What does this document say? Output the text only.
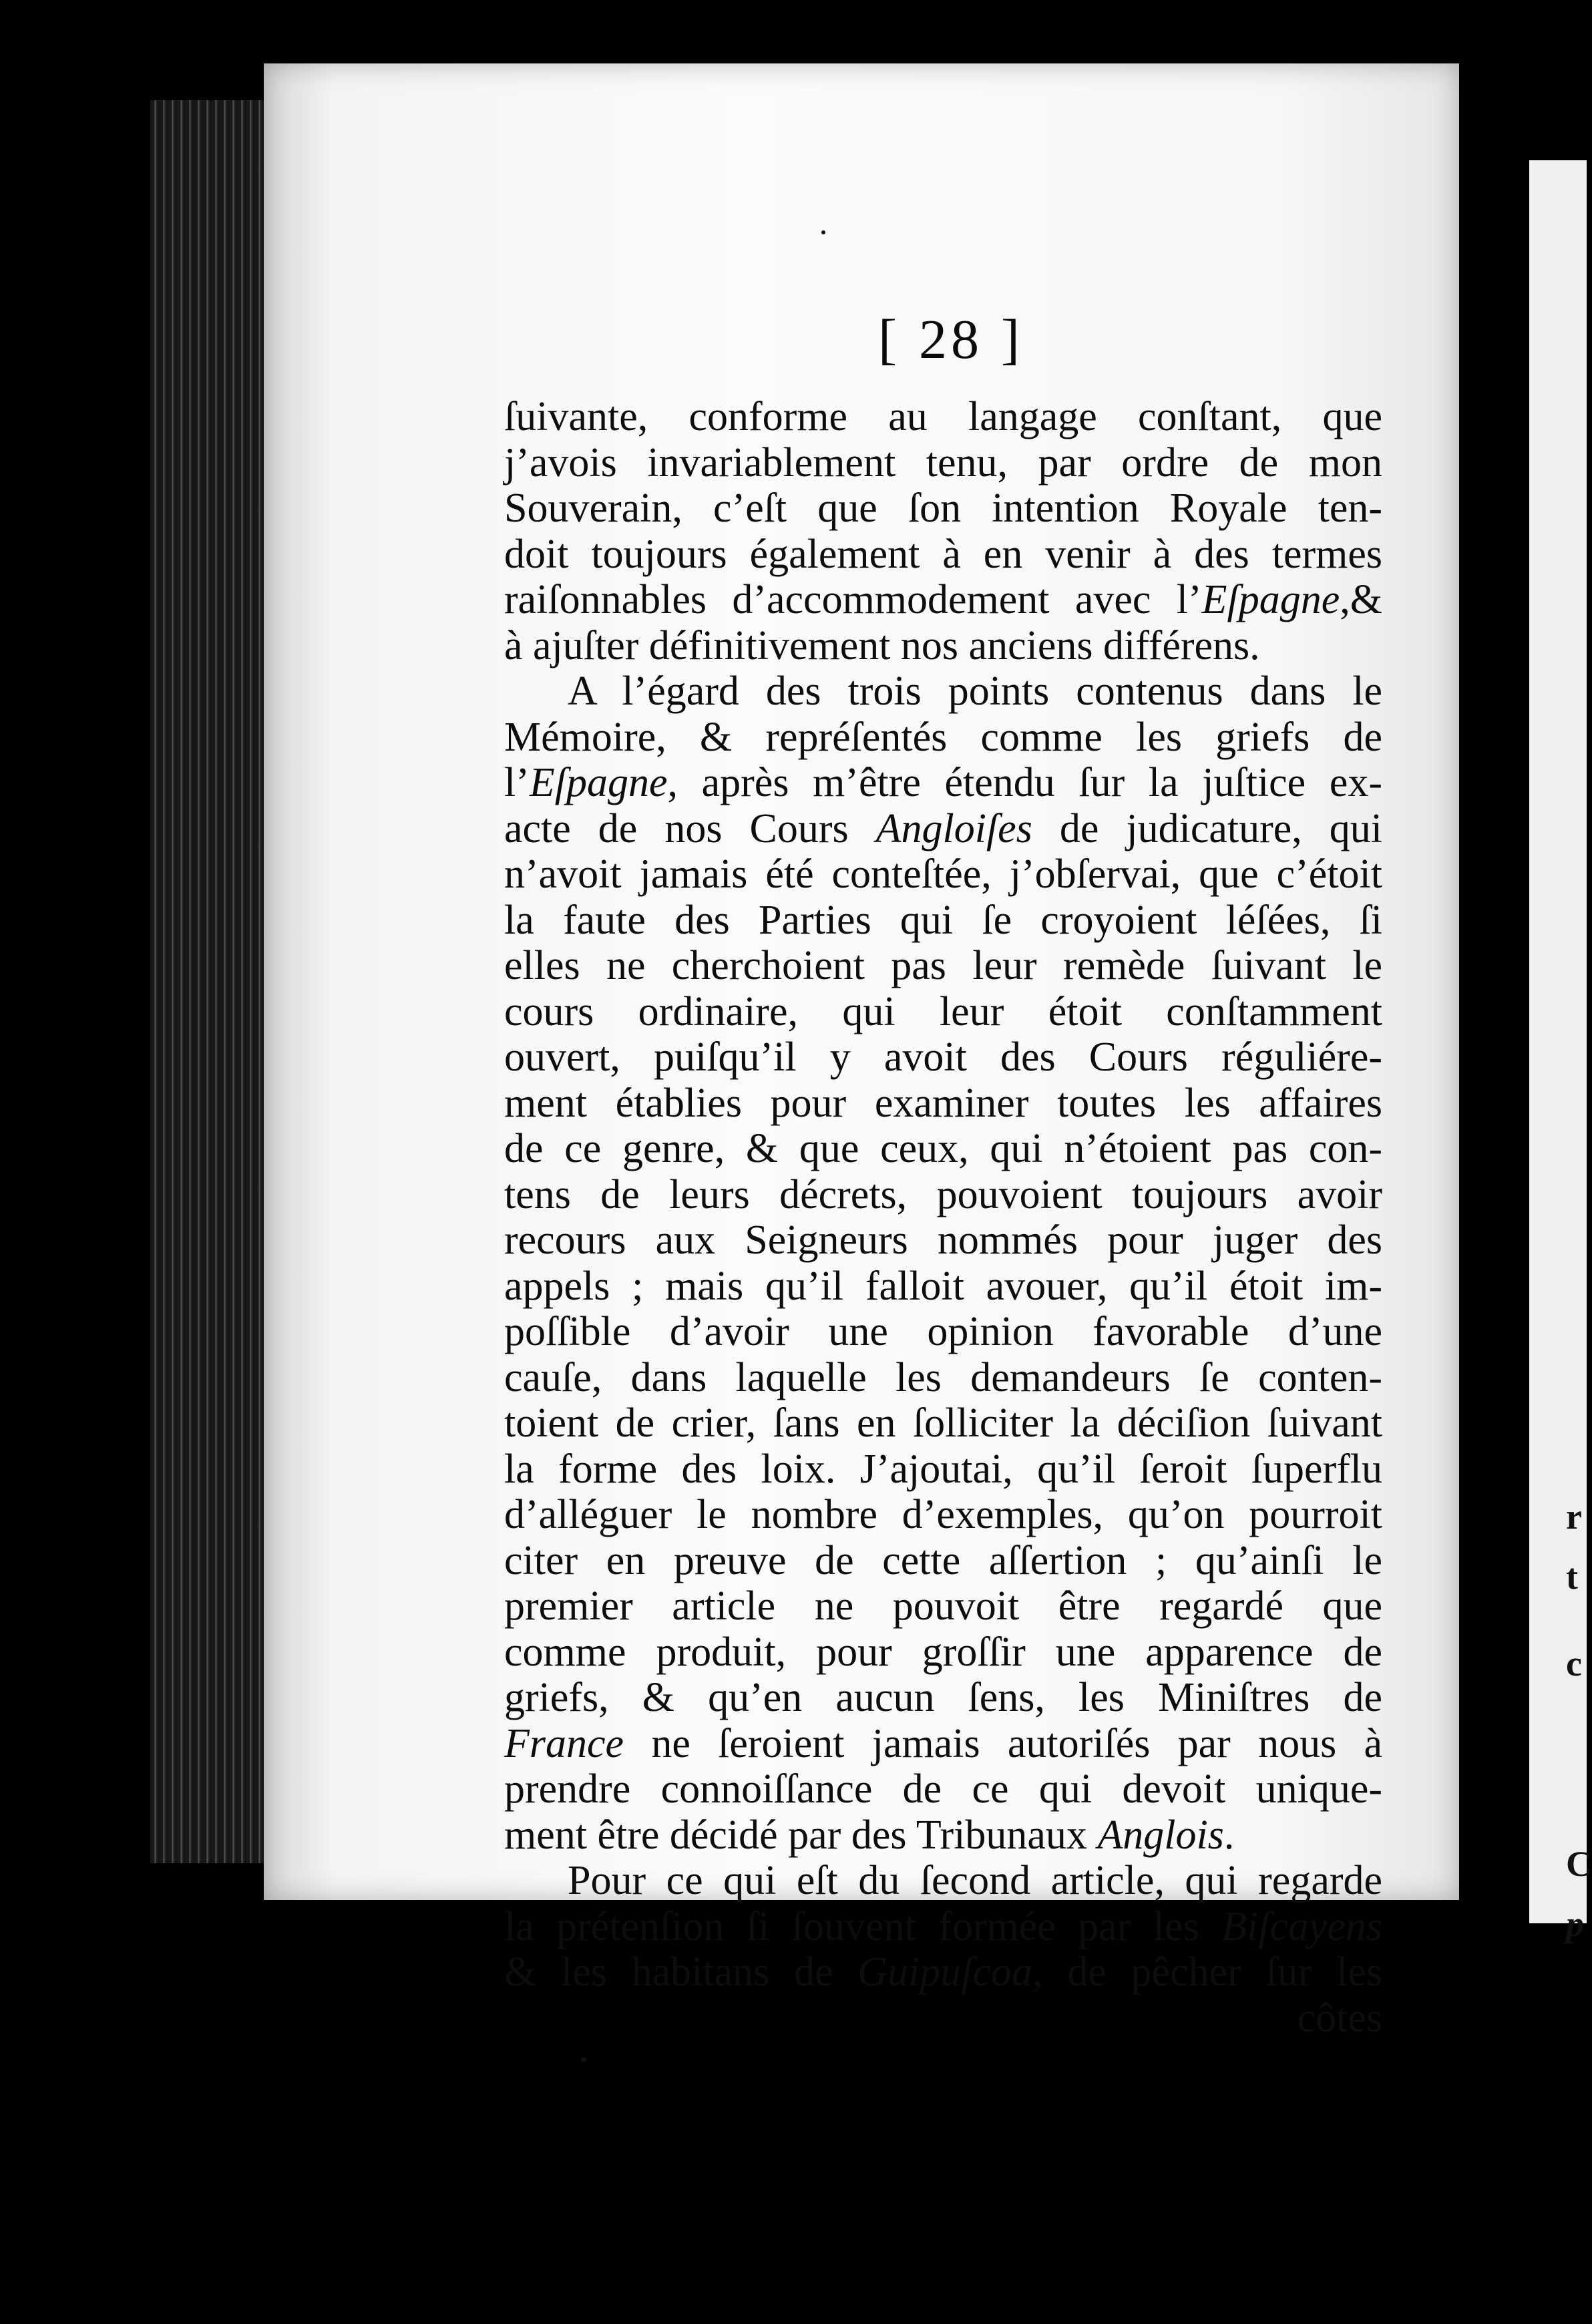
r
t
c
C
p
[ 28 ]
ſuivante, conforme au langage conſtant, que
j’avois invariablement tenu, par ordre de mon
Souverain, c’eſt que ſon intention Royale ten-
doit toujours également à en venir à des termes
raiſonnables d’accommodement avec l’Eſpagne,&
à ajuſter définitivement nos anciens différens.
A l’égard des trois points contenus dans le
Mémoire, & repréſentés comme les griefs de
l’Eſpagne, après m’être étendu ſur la juſtice ex-
acte de nos Cours Angloiſes de judicature, qui
n’avoit jamais été conteſtée, j’obſervai, que c’étoit
la faute des Parties qui ſe croyoient léſées, ſi
elles ne cherchoient pas leur remède ſuivant le
cours ordinaire, qui leur étoit conſtamment
ouvert, puiſqu’il y avoit des Cours réguliére-
ment établies pour examiner toutes les affaires
de ce genre, & que ceux, qui n’étoient pas con-
tens de leurs décrets, pouvoient toujours avoir
recours aux Seigneurs nommés pour juger des
appels ; mais qu’il falloit avouer, qu’il étoit im-
poſſible d’avoir une opinion favorable d’une
cauſe, dans laquelle les demandeurs ſe conten-
toient de crier, ſans en ſolliciter la déciſion ſuivant
la forme des loix. J’ajoutai, qu’il ſeroit ſuperflu
d’alléguer le nombre d’exemples, qu’on pourroit
citer en preuve de cette aſſertion ; qu’ainſi le
premier article ne pouvoit être regardé que
comme produit, pour groſſir une apparence de
griefs, & qu’en aucun ſens, les Miniſtres de
France ne ſeroient jamais autoriſés par nous à
prendre connoiſſance de ce qui devoit uniquе-
ment être décidé par des Tribunaux Anglois.
Pour ce qui eſt du ſecond article, qui regarde
la prétenſion ſi ſouvent formée par les Biſcayens
& les habitans de Guipuſcoa, de pêcher ſur les
côtes
